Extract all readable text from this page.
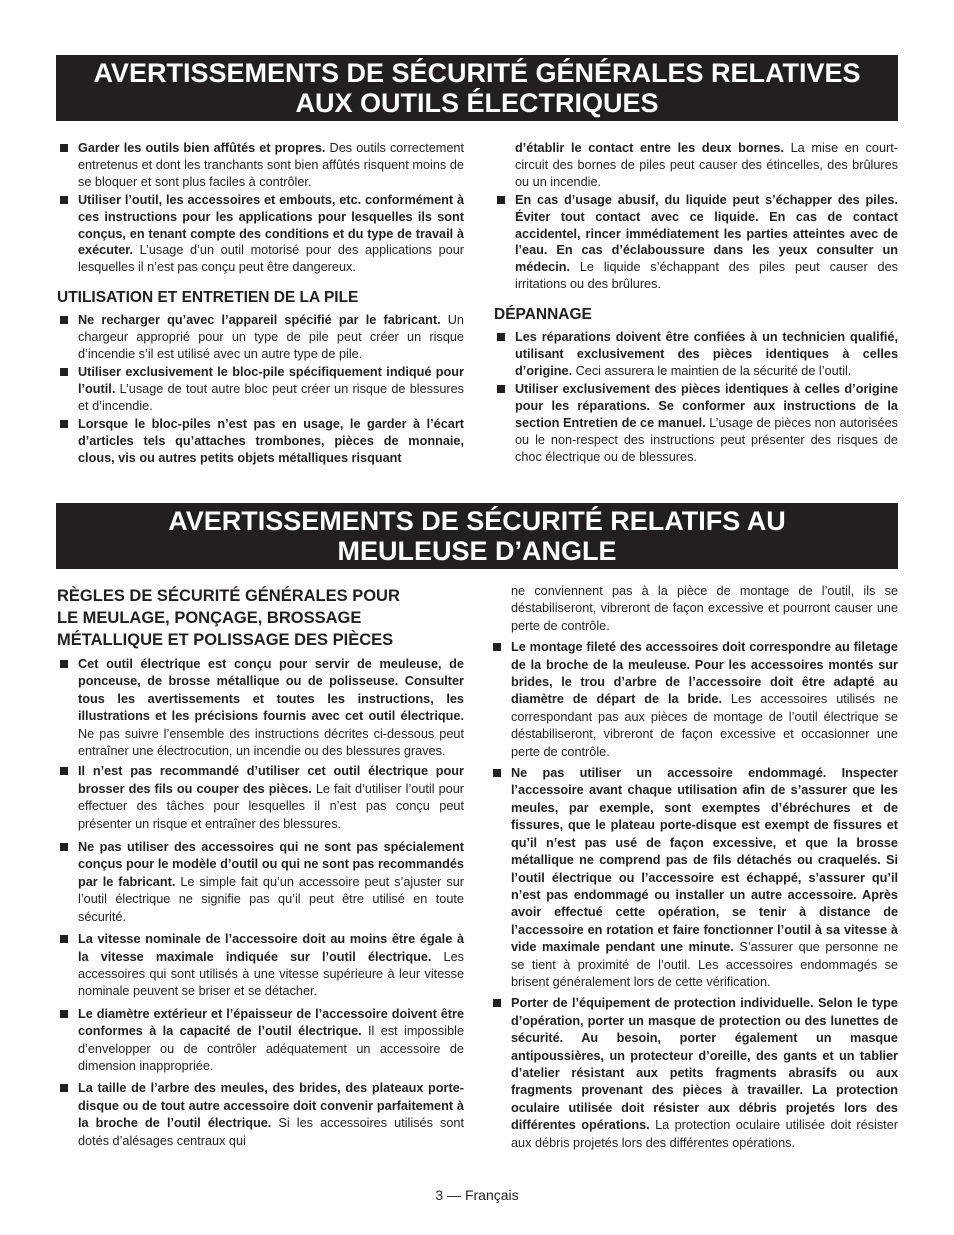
AVERTISSEMENTS DE SÉCURITÉ GÉNÉRALES RELATIVES
AUX OUTILS ÉLECTRIQUES
Garder les outils bien affûtés et propres. Des outils correctement entretenus et dont les tranchants sont bien affûtés risquent moins de se bloquer et sont plus faciles à contrôler.
Utiliser l’outil, les accessoires et embouts, etc. conformément à ces instructions pour les applications pour lesquelles ils sont conçus, en tenant compte des conditions et du type de travail à exécuter. L’usage d’un outil motorisé pour des applications pour lesquelles il n’est pas conçu peut être dangereux.
UTILISATION ET ENTRETIEN DE LA PILE
Ne recharger qu’avec l’appareil spécifié par le fabricant. Un chargeur approprié pour un type de pile peut créer un risque d’incendie s’il est utilisé avec un autre type de pile.
Utiliser exclusivement le bloc-pile spécifiquement indiqué pour l’outil. L’usage de tout autre bloc peut créer un risque de blessures et d’incendie.
Lorsque le bloc-piles n’est pas en usage, le garder à l’écart d’articles tels qu’attaches trombones, pièces de monnaie, clous, vis ou autres petits objets métalliques risquant
d’établir le contact entre les deux bornes. La mise en court-circuit des bornes de piles peut causer des étincelles, des brûlures ou un incendie.
En cas d’usage abusif, du liquide peut s’échapper des piles. Éviter tout contact avec ce liquide. En cas de contact accidentel, rincer immédiatement les parties atteintes avec de l’eau. En cas d’éclaboussure dans les yeux consulter un médecin. Le liquide s’échappant des piles peut causer des irritations ou des brûlures.
DÉPANNAGE
Les réparations doivent être confiées à un technicien qualifié, utilisant exclusivement des pièces identiques à celles d’origine. Ceci assurera le maintien de la sécurité de l’outil.
Utiliser exclusivement des pièces identiques à celles d’origine pour les réparations. Se conformer aux instructions de la section Entretien de ce manuel. L’usage de pièces non autorisées ou le non-respect des instructions peut présenter des risques de choc électrique ou de blessures.
AVERTISSEMENTS DE SÉCURITÉ RELATIFS AU
MEULEUSE D’ANGLE
RÈGLES DE SÉCURITÉ GÉNÉRALES POUR
LE MEULAGE, PONÇAGE, BROSSAGE
MÉTALLIQUE ET POLISSAGE DES PIÈCES
Cet outil électrique est conçu pour servir de meuleuse, de ponceuse, de brosse métallique ou de polisseuse. Consulter tous les avertissements et toutes les instructions, les illustrations et les précisions fournis avec cet outil électrique. Ne pas suivre l’ensemble des instructions décrites ci-dessous peut entraîner une électrocution, un incendie ou des blessures graves.
Il n’est pas recommandé d’utiliser cet outil électrique pour brosser des fils ou couper des pièces. Le fait d’utiliser l’outil pour effectuer des tâches pour lesquelles il n’est pas conçu peut présenter un risque et entraîner des blessures.
Ne pas utiliser des accessoires qui ne sont pas spécialement conçus pour le modèle d’outil ou qui ne sont pas recommandés par le fabricant. Le simple fait qu’un accessoire peut s’ajuster sur l’outil électrique ne signifie pas qu’il peut être utilisé en toute sécurité.
La vitesse nominale de l’accessoire doit au moins être égale à la vitesse maximale indiquée sur l’outil électrique. Les accessoires qui sont utilisés à une vitesse supérieure à leur vitesse nominale peuvent se briser et se détacher.
Le diamètre extérieur et l’épaisseur de l’accessoire doivent être conformes à la capacité de l’outil électrique. Il est impossible d’envelopper ou de contrôler adéquatement un accessoire de dimension inappropriée.
La taille de l’arbre des meules, des brides, des plateaux porte-disque ou de tout autre accessoire doit convenir parfaitement à la broche de l’outil électrique. Si les accessoires utilisés sont dotés d’alésages centraux qui
ne conviennent pas à la pièce de montage de l’outil, ils se déstabiliseront, vibreront de façon excessive et pourront causer une perte de contrôle.
Le montage fileté des accessoires doit correspondre au filetage de la broche de la meuleuse. Pour les accessoires montés sur brides, le trou d’arbre de l’accessoire doit être adapté au diamètre de départ de la bride. Les accessoires utilisés ne correspondant pas aux pièces de montage de l’outil électrique se déstabiliseront, vibreront de façon excessive et occasionner une perte de contrôle.
Ne pas utiliser un accessoire endommagé. Inspecter l’accessoire avant chaque utilisation afin de s’assurer que les meules, par exemple, sont exemptes d’ébréchures et de fissures, que le plateau porte-disque est exempt de fissures et qu’il n’est pas usé de façon excessive, et que la brosse métallique ne comprend pas de fils détachés ou craquelés. Si l’outil électrique ou l’accessoire est échappé, s’assurer qu’il n’est pas endommagé ou installer un autre accessoire. Après avoir effectué cette opération, se tenir à distance de l’accessoire en rotation et faire fonctionner l’outil à sa vitesse à vide maximale pendant une minute. S’assurer que personne ne se tient à proximité de l’outil. Les accessoires endommagés se brisent généralement lors de cette vérification.
Porter de l’équipement de protection individuelle. Selon le type d’opération, porter un masque de protection ou des lunettes de sécurité. Au besoin, porter également un masque antipoussières, un protecteur d’oreille, des gants et un tablier d’atelier résistant aux petits fragments abrasifs ou aux fragments provenant des pièces à travailler. La protection oculaire utilisée doit résister aux débris projetés lors des différentes opérations. La protection oculaire utilisée doit résister aux débris projetés lors des différentes opérations.
3 — Français
